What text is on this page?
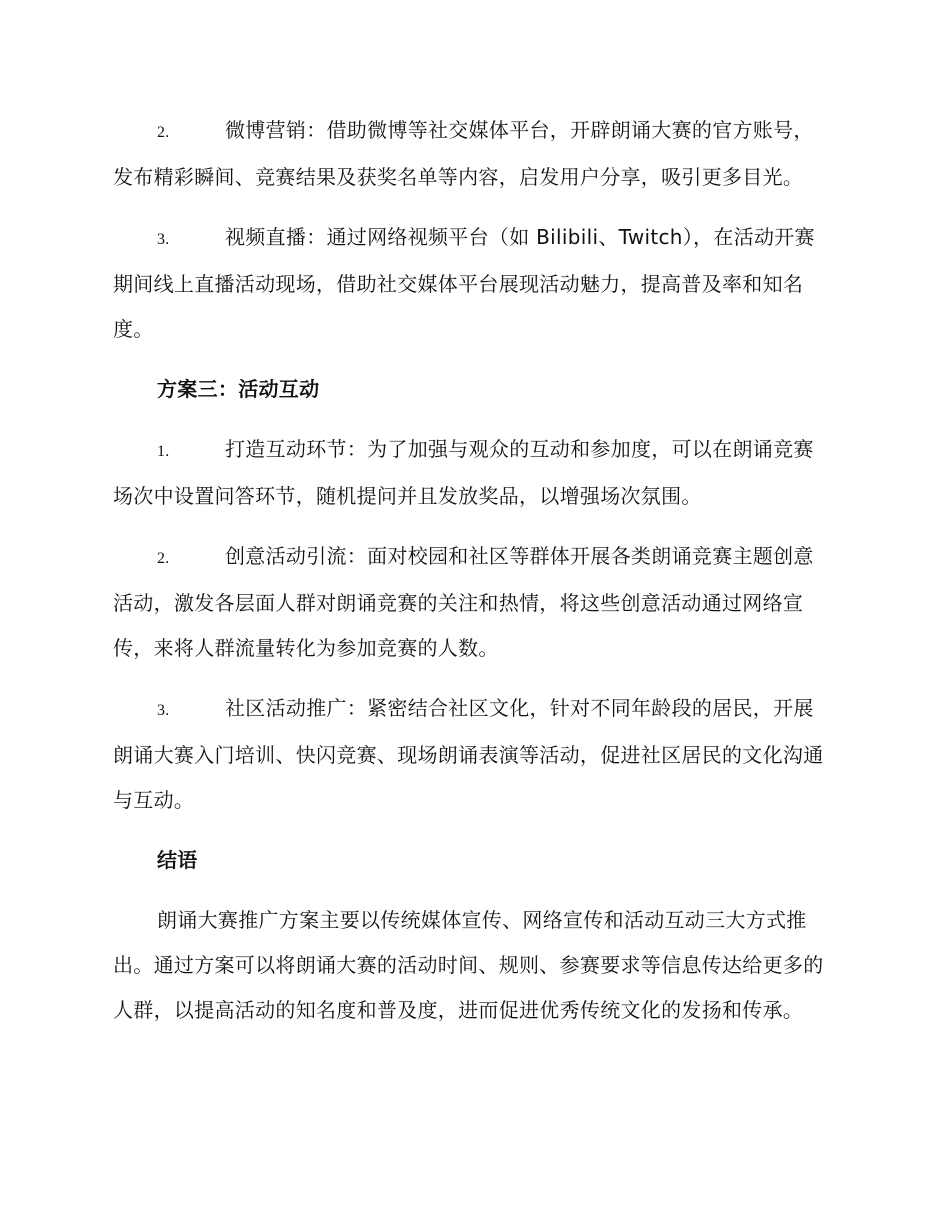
2.	微博营销：借助微博等社交媒体平台，开辟朗诵大赛的官方账号，发布精彩瞬间、竞赛结果及获奖名单等内容，启发用户分享，吸引更多目光。
3.	视频直播：通过网络视频平台（如 Bilibili、Twitch），在活动开赛期间线上直播活动现场，借助社交媒体平台展现活动魅力，提高普及率和知名度。
方案三：活动互动
1.	打造互动环节：为了加强与观众的互动和参加度，可以在朗诵竞赛场次中设置问答环节，随机提问并且发放奖品，以增强场次氛围。
2.	创意活动引流：面对校园和社区等群体开展各类朗诵竞赛主题创意活动，激发各层面人群对朗诵竞赛的关注和热情，将这些创意活动通过网络宣传，来将人群流量转化为参加竞赛的人数。
3.	社区活动推广：紧密结合社区文化，针对不同年龄段的居民，开展朗诵大赛入门培训、快闪竞赛、现场朗诵表演等活动，促进社区居民的文化沟通与互动。
结语

朗诵大赛推广方案主要以传统媒体宣传、网络宣传和活动互动三大方式推出。通过方案可以将朗诵大赛的活动时间、规则、参赛要求等信息传达给更多的人群，以提高活动的知名度和普及度，进而促进优秀传统文化的发扬和传承。
